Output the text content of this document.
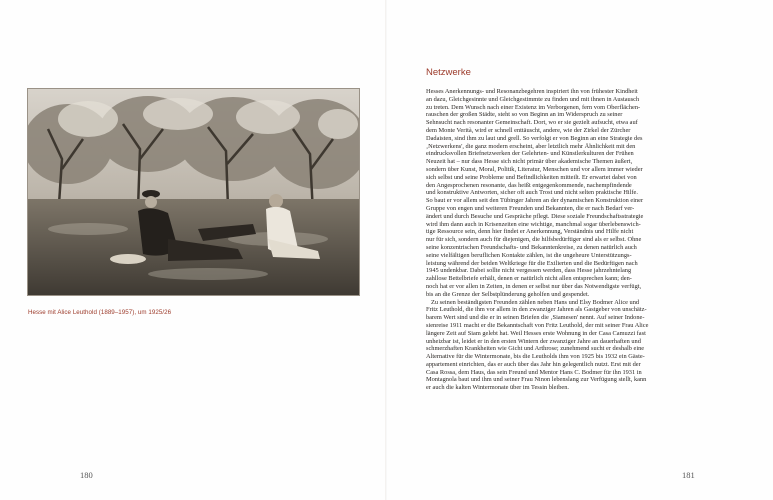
Hesse mit Alice Leuthold (1889–1957), um 1925/26
180
Netzwerke
Hesses Anerkennungs- und Resonanzbegehren inspiriert ihn von frühester Kindheit
an dazu, Gleichgesinnte und Gleichgestimmte zu finden und mit ihnen in Austausch
zu treten. Dem Wunsch nach einer Existenz im Verborgenen, fern vom Oberflächen-
rauschen der großen Städte, steht so von Beginn an im Widerspruch zu seiner
Sehnsucht nach resonanter Gemeinschaft. Dort, wo er sie gezielt aufsucht, etwa auf
dem Monte Verità, wird er schnell enttäuscht, andere, wie der Zirkel der Zürcher
Dadaisten, sind ihm zu laut und grell. So verfolgt er von Beginn an eine Strategie des
‚Netzwerkens', die ganz modern erscheint, aber letztlich mehr Ähnlichkeit mit den
eindrucksvollen Briefnetzwerken der Gelehrten- und Künstlerkulturen der Frühen
Neuzeit hat – nur dass Hesse sich nicht primär über akademische Themen äußert,
sondern über Kunst, Moral, Politik, Literatur, Menschen und vor allem immer wieder
sich selbst und seine Probleme und Befindlichkeiten mitteilt. Er erwartet dabei von
den Angesprochenen resonante, das heißt entgegenkommende, nachempfindende
und konstruktive Antworten, sicher oft auch Trost und nicht selten praktische Hilfe.
So baut er vor allem seit den Tübinger Jahren an der dynamischen Konstruktion einer
Gruppe von engen und weiteren Freunden und Bekannten, die er nach Bedarf ver-
ändert und durch Besuche und Gespräche pflegt. Diese soziale Freundschaftsstrategie
wird ihm dann auch in Krisenzeiten eine wichtige, manchmal sogar überlebenswich-
tige Ressource sein, denn hier findet er Anerkennung, Verständnis und Hilfe nicht
nur für sich, sondern auch für diejenigen, die hilfsbedürftiger sind als er selbst. Ohne
seine konzentrischen Freundschafts- und Bekanntenkreise, zu denen natürlich auch
seine vielfältigen beruflichen Kontakte zählen, ist die ungeheure Unterstützungs-
leistung während der beiden Weltkriege für die Exilierten und die Bedürftigen nach
1945 undenkbar. Dabei sollte nicht vergessen werden, dass Hesse jahrzehntelang
zahllose Bettelbriefe erhält, denen er natürlich nicht allen entsprechen kann; den-
noch hat er vor allen in Zeiten, in denen er selbst nur über das Notwendigste verfügt,
bis an die Grenze der Selbstplünderung geholfen und gespendet.
Zu seinen beständigsten Freunden zählen neben Hans und Elsy Bodmer Alice und
Fritz Leuthold, die ihm vor allem in den zwanziger Jahren als Gastgeber von unschätz-
barem Wert sind und die er in seinen Briefen die ‚Siamesen' nennt. Auf seiner Indone-
sienreise 1911 macht er die Bekanntschaft von Fritz Leuthold, der mit seiner Frau Alice
längere Zeit auf Siam gelebt hat. Weil Hesses erste Wohnung in der Casa Camuzzi fast
unheizbar ist, leidet er in den ersten Wintern der zwanziger Jahre an dauerhaften und
schmerzhaften Krankheiten wie Gicht und Arthrose; zunehmend sucht er deshalb eine
Alternative für die Wintermonate, bis die Leutholds ihm von 1925 bis 1932 ein Gäste-
appartement einrichten, das er auch über das Jahr hin gelegentlich nutzt. Erst mit der
Casa Rossa, dem Haus, das sein Freund und Mentor Hans C. Bodmer für ihn 1931 in
Montagnola baut und ihm und seiner Frau Ninon lebenslang zur Verfügung stellt, kann
er auch die kalten Wintermonate über im Tessin bleiben.
181
